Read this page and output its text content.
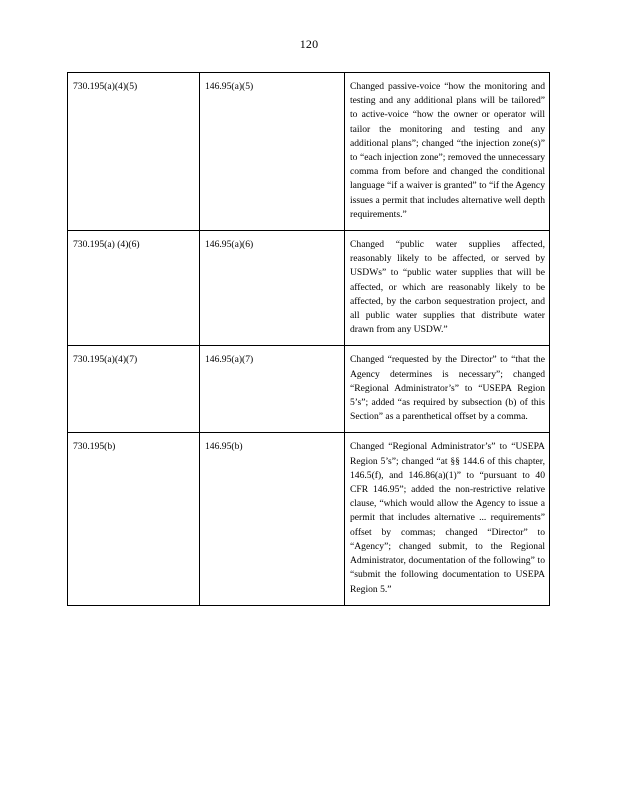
120
730.195(a)(4)(5)	146.95(a)(5)	Changed passive-voice “how the monitoring and testing and any additional plans will be tailored” to active-voice “how the owner or operator will tailor the monitoring and testing and any additional plans”; changed “the injection zone(s)” to “each injection zone”; removed the unnecessary comma from before and changed the conditional language “if a waiver is granted” to “if the Agency issues a permit that includes alternative well depth requirements.”
730.195(a) (4)(6)	146.95(a)(6)	Changed “public water supplies affected, reasonably likely to be affected, or served by USDWs” to “public water supplies that will be affected, or which are reasonably likely to be affected, by the carbon sequestration project, and all public water supplies that distribute water drawn from any USDW.”
730.195(a)(4)(7)	146.95(a)(7)	Changed “requested by the Director” to “that the Agency determines is necessary”; changed “Regional Administrator’s” to “USEPA Region 5’s”; added “as required by subsection (b) of this Section” as a parenthetical offset by a comma.
730.195(b)	146.95(b)	Changed “Regional Administrator’s” to “USEPA Region 5’s”; changed “at §§ 144.6 of this chapter, 146.5(f), and 146.86(a)(1)” to “pursuant to 40 CFR 146.95”; added the non-restrictive relative clause, “which would allow the Agency to issue a permit that includes alternative ... requirements” offset by commas; changed “Director” to “Agency”; changed submit, to the Regional Administrator, documentation of the following” to “submit the following documentation to USEPA Region 5.”
